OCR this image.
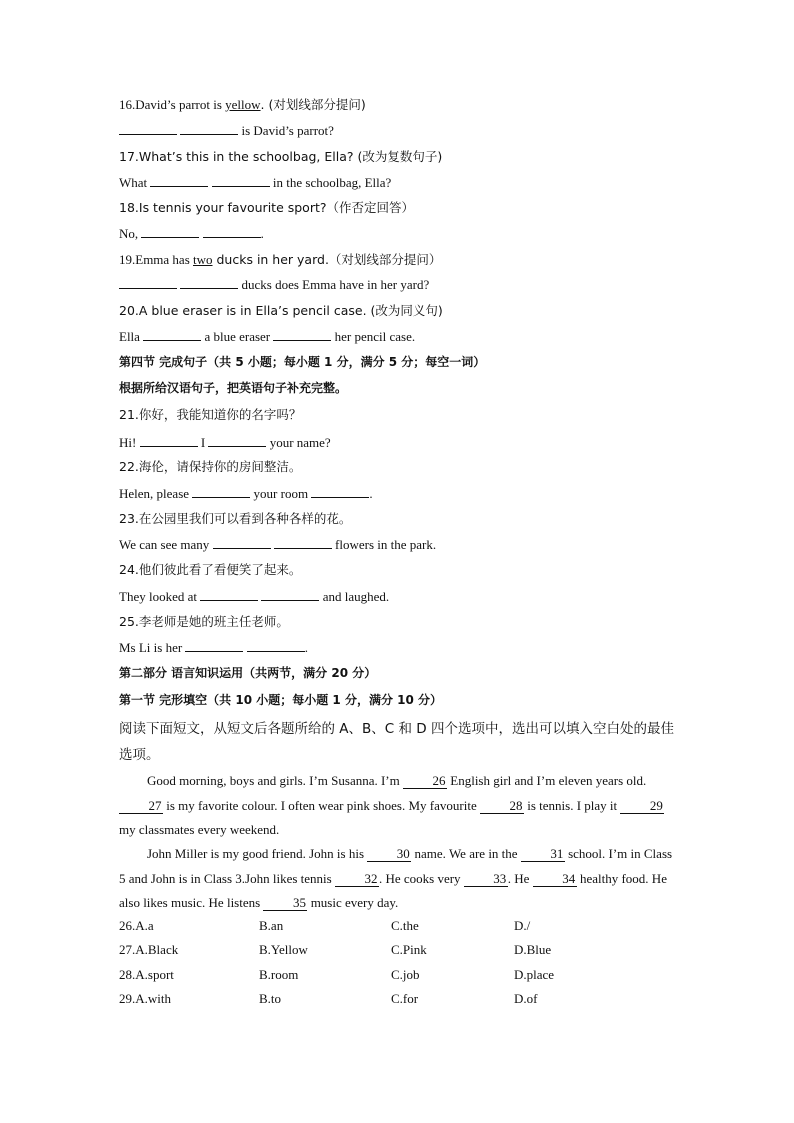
16.David’s parrot is yellow. (对划线部分提问)
is David’s parrot?
17.What’s this in the schoolbag, Ella? (改为复数句子)
What	in the schoolbag, Ella?
18.Is tennis your favourite sport?（作否定回答）
No,	.
19.Emma has two ducks in her yard.（对划线部分提问）
ducks does Emma have in her yard?
20.A blue eraser is in Ella’s pencil case. (改为同义句)
Ella	a blue eraser	her pencil case.
第四节 完成句子（共 5 小题；每小题 1 分，满分 5 分；每空一词）
根据所给汉语句子，把英语句子补充完整。
21.你好，我能知道你的名字吗？
Hi!	I	your name?
22.海伦，请保持你的房间整洁。
Helen, please	your room	.
23.在公园里我们可以看到各种各样的花。
We can see many	flowers in the park.
24.他们彼此看了看便笑了起来。
They looked at	and laughed.
25.李老师是她的班主任老师。
Ms Li is her	.
第二部分 语言知识运用（共两节，满分 20 分）
第一节 完形填空（共 10 小题；每小题 1 分，满分 10 分）
阅读下面短文，从短文后各题所给的 A、B、C 和 D 四个选项中，选出可以填入空白处的最佳选项。
Good morning, boys and girls. I’m Susanna. I’m 26 English girl and I’m eleven years old. 27 is my favorite colour. I often wear pink shoes. My favourite 28 is tennis. I play it 29 my classmates every weekend.
John Miller is my good friend. John is his 30 name. We are in the 31 school. I’m in Class 5 and John is in Class 3.John likes tennis 32 . He cooks very 33 . He 34 healthy food. He also likes music. He listens 35 music every day.
26.A.a	B.an	C.the	D./
27.A.Black	B.Yellow	C.Pink	D.Blue
28.A.sport	B.room	C.job	D.place
29.A.with	B.to	C.for	D.of
